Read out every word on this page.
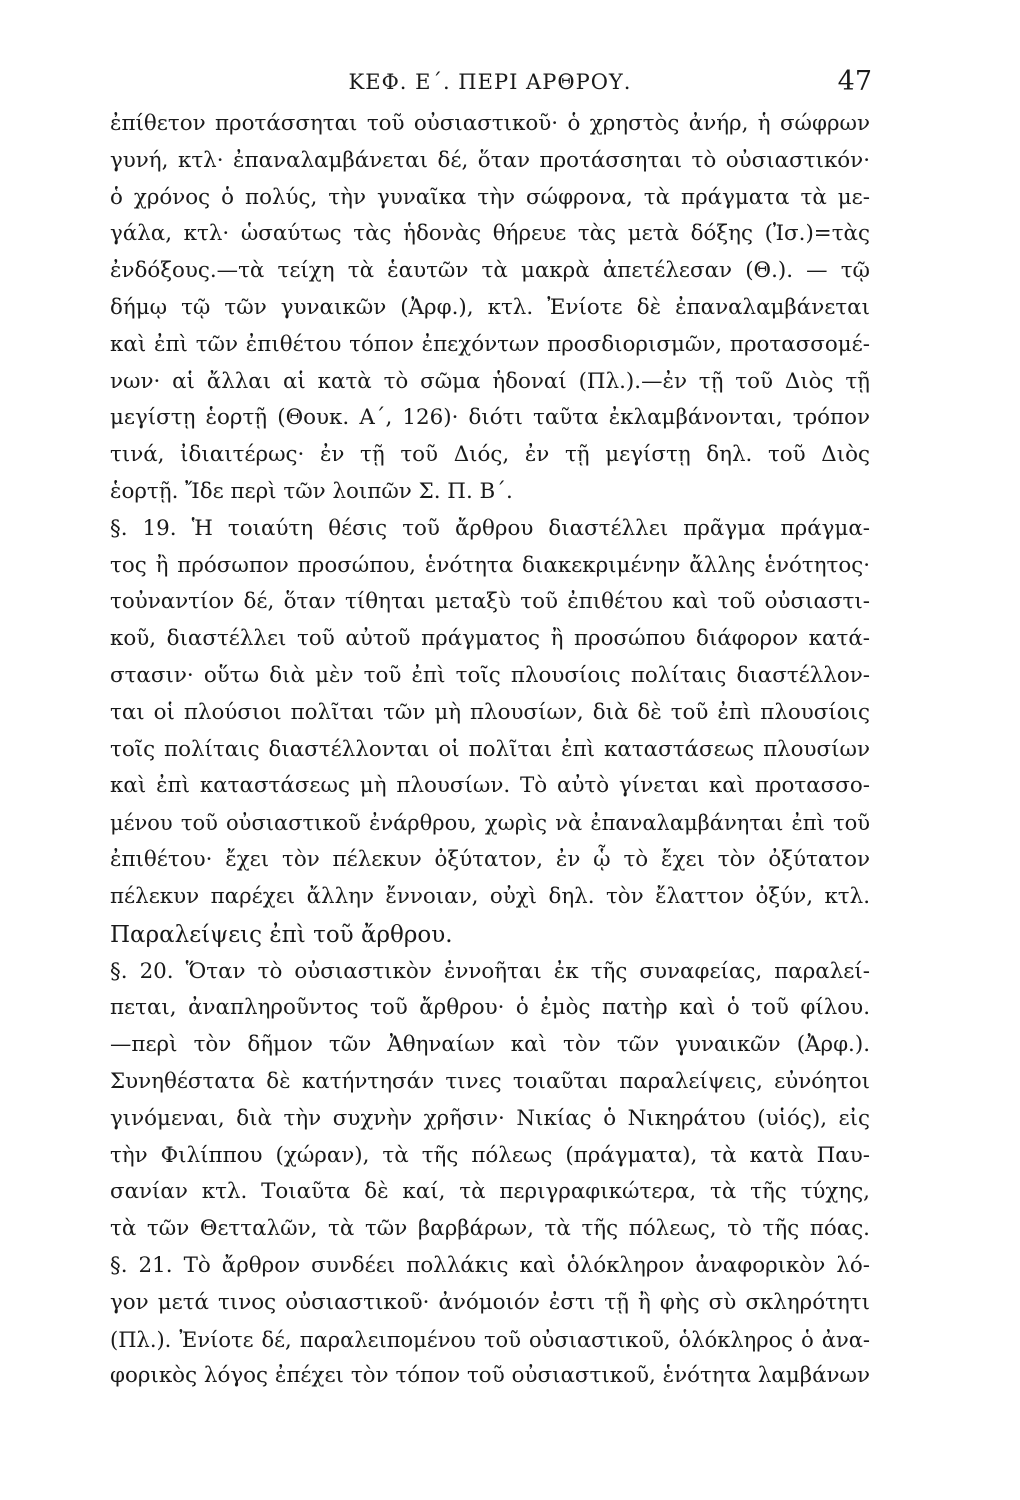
ΚΕΦ. Ε΄. ΠΕΡΙ ΑΡΘΡΟΥ.	47
ἐπίθετον προτάσσηται τοῦ οὐσιαστικοῦ· ὁ χρηστὸς ἀνήρ, ἡ σώφρων
γυνή, κτλ· ἐπαναλαμβάνεται δέ, ὅταν προτάσσηται τὸ οὐσιαστικόν·
ὁ χρόνος ὁ πολύς, τὴν γυναῖκα τὴν σώφρονα, τὰ πράγματα τὰ με-
γάλα, κτλ· ὡσαύτως τὰς ἡδονὰς θήρευε τὰς μετὰ δόξης (Ἰσ.)=τὰς
ἐνδόξους.—τὰ τείχη τὰ ἑαυτῶν τὰ μακρὰ ἀπετέλεσαν (Θ.). — τῷ
δήμῳ τῷ τῶν γυναικῶν (Ἀρφ.), κτλ. Ἐνίοτε δὲ ἐπαναλαμβάνεται
καὶ ἐπὶ τῶν ἐπιθέτου τόπον ἐπεχόντων προσδιορισμῶν, προτασσομέ-
νων· αἱ ἄλλαι αἱ κατὰ τὸ σῶμα ἡδοναί (Πλ.).—ἐν τῇ τοῦ Διὸς τῇ
μεγίστῃ ἑορτῇ (Θουκ. Α΄, 126)· διότι ταῦτα ἐκλαμβάνονται, τρόπον
τινά, ἰδιαιτέρως· ἐν τῇ τοῦ Διός, ἐν τῇ μεγίστῃ δηλ. τοῦ Διὸς
ἑορτῇ. Ἴδε περὶ τῶν λοιπῶν Σ. Π. Β΄.
§. 19. Ἡ τοιαύτη θέσις τοῦ ἄρθρου διαστέλλει πρᾶγμα πράγμα-
τος ἢ πρόσωπον προσώπου, ἑνότητα διακεκριμένην ἄλλης ἑνότητος·
τοὐναντίον δέ, ὅταν τίθηται μεταξὺ τοῦ ἐπιθέτου καὶ τοῦ οὐσιαστι-
κοῦ, διαστέλλει τοῦ αὐτοῦ πράγματος ἢ προσώπου διάφορον κατά-
στασιν· οὕτω διὰ μὲν τοῦ ἐπὶ τοῖς πλουσίοις πολίταις διαστέλλον-
ται οἱ πλούσιοι πολῖται τῶν μὴ πλουσίων, διὰ δὲ τοῦ ἐπὶ πλουσίοις
τοῖς πολίταις διαστέλλονται οἱ πολῖται ἐπὶ καταστάσεως πλουσίων
καὶ ἐπὶ καταστάσεως μὴ πλουσίων. Τὸ αὐτὸ γίνεται καὶ προτασσο-
μένου τοῦ οὐσιαστικοῦ ἐνάρθρου, χωρὶς νὰ ἐπαναλαμβάνηται ἐπὶ τοῦ
ἐπιθέτου· ἔχει τὸν πέλεκυν ὀξύτατον, ἐν ᾧ τὸ ἔχει τὸν ὀξύτατον
πέλεκυν παρέχει ἄλλην ἔννοιαν, οὐχὶ δηλ. τὸν ἔλαττον ὀξύν, κτλ.
Παραλείψεις ἐπὶ τοῦ ἄρθρου.
§. 20. Ὅταν τὸ οὐσιαστικὸν ἐννοῆται ἐκ τῆς συναφείας, παραλεί-
πεται, ἀναπληροῦντος τοῦ ἄρθρου· ὁ ἐμὸς πατὴρ καὶ ὁ τοῦ φίλου.
—περὶ τὸν δῆμον τῶν Ἀθηναίων καὶ τὸν τῶν γυναικῶν (Ἀρφ.).
Συνηθέστατα δὲ κατήντησάν τινες τοιαῦται παραλείψεις, εὐνόητοι
γινόμεναι, διὰ τὴν συχνὴν χρῆσιν· Νικίας ὁ Νικηράτου (υἱός), εἰς
τὴν Φιλίππου (χώραν), τὰ τῆς πόλεως (πράγματα), τὰ κατὰ Παυ-
σανίαν κτλ. Τοιαῦτα δὲ καί, τὰ περιγραφικώτερα, τὰ τῆς τύχης,
τὰ τῶν Θετταλῶν, τὰ τῶν βαρβάρων, τὰ τῆς πόλεως, τὸ τῆς πόας.
§. 21. Τὸ ἄρθρον συνδέει πολλάκις καὶ ὁλόκληρον ἀναφορικὸν λό-
γον μετά τινος οὐσιαστικοῦ· ἀνόμοιόν ἐστι τῇ ἢ φὴς σὺ σκληρότητι
(Πλ.). Ἐνίοτε δέ, παραλειπομένου τοῦ οὐσιαστικοῦ, ὁλόκληρος ὁ ἀνα-
φορικὸς λόγος ἐπέχει τὸν τόπον τοῦ οὐσιαστικοῦ, ἑνότητα λαμβάνων
